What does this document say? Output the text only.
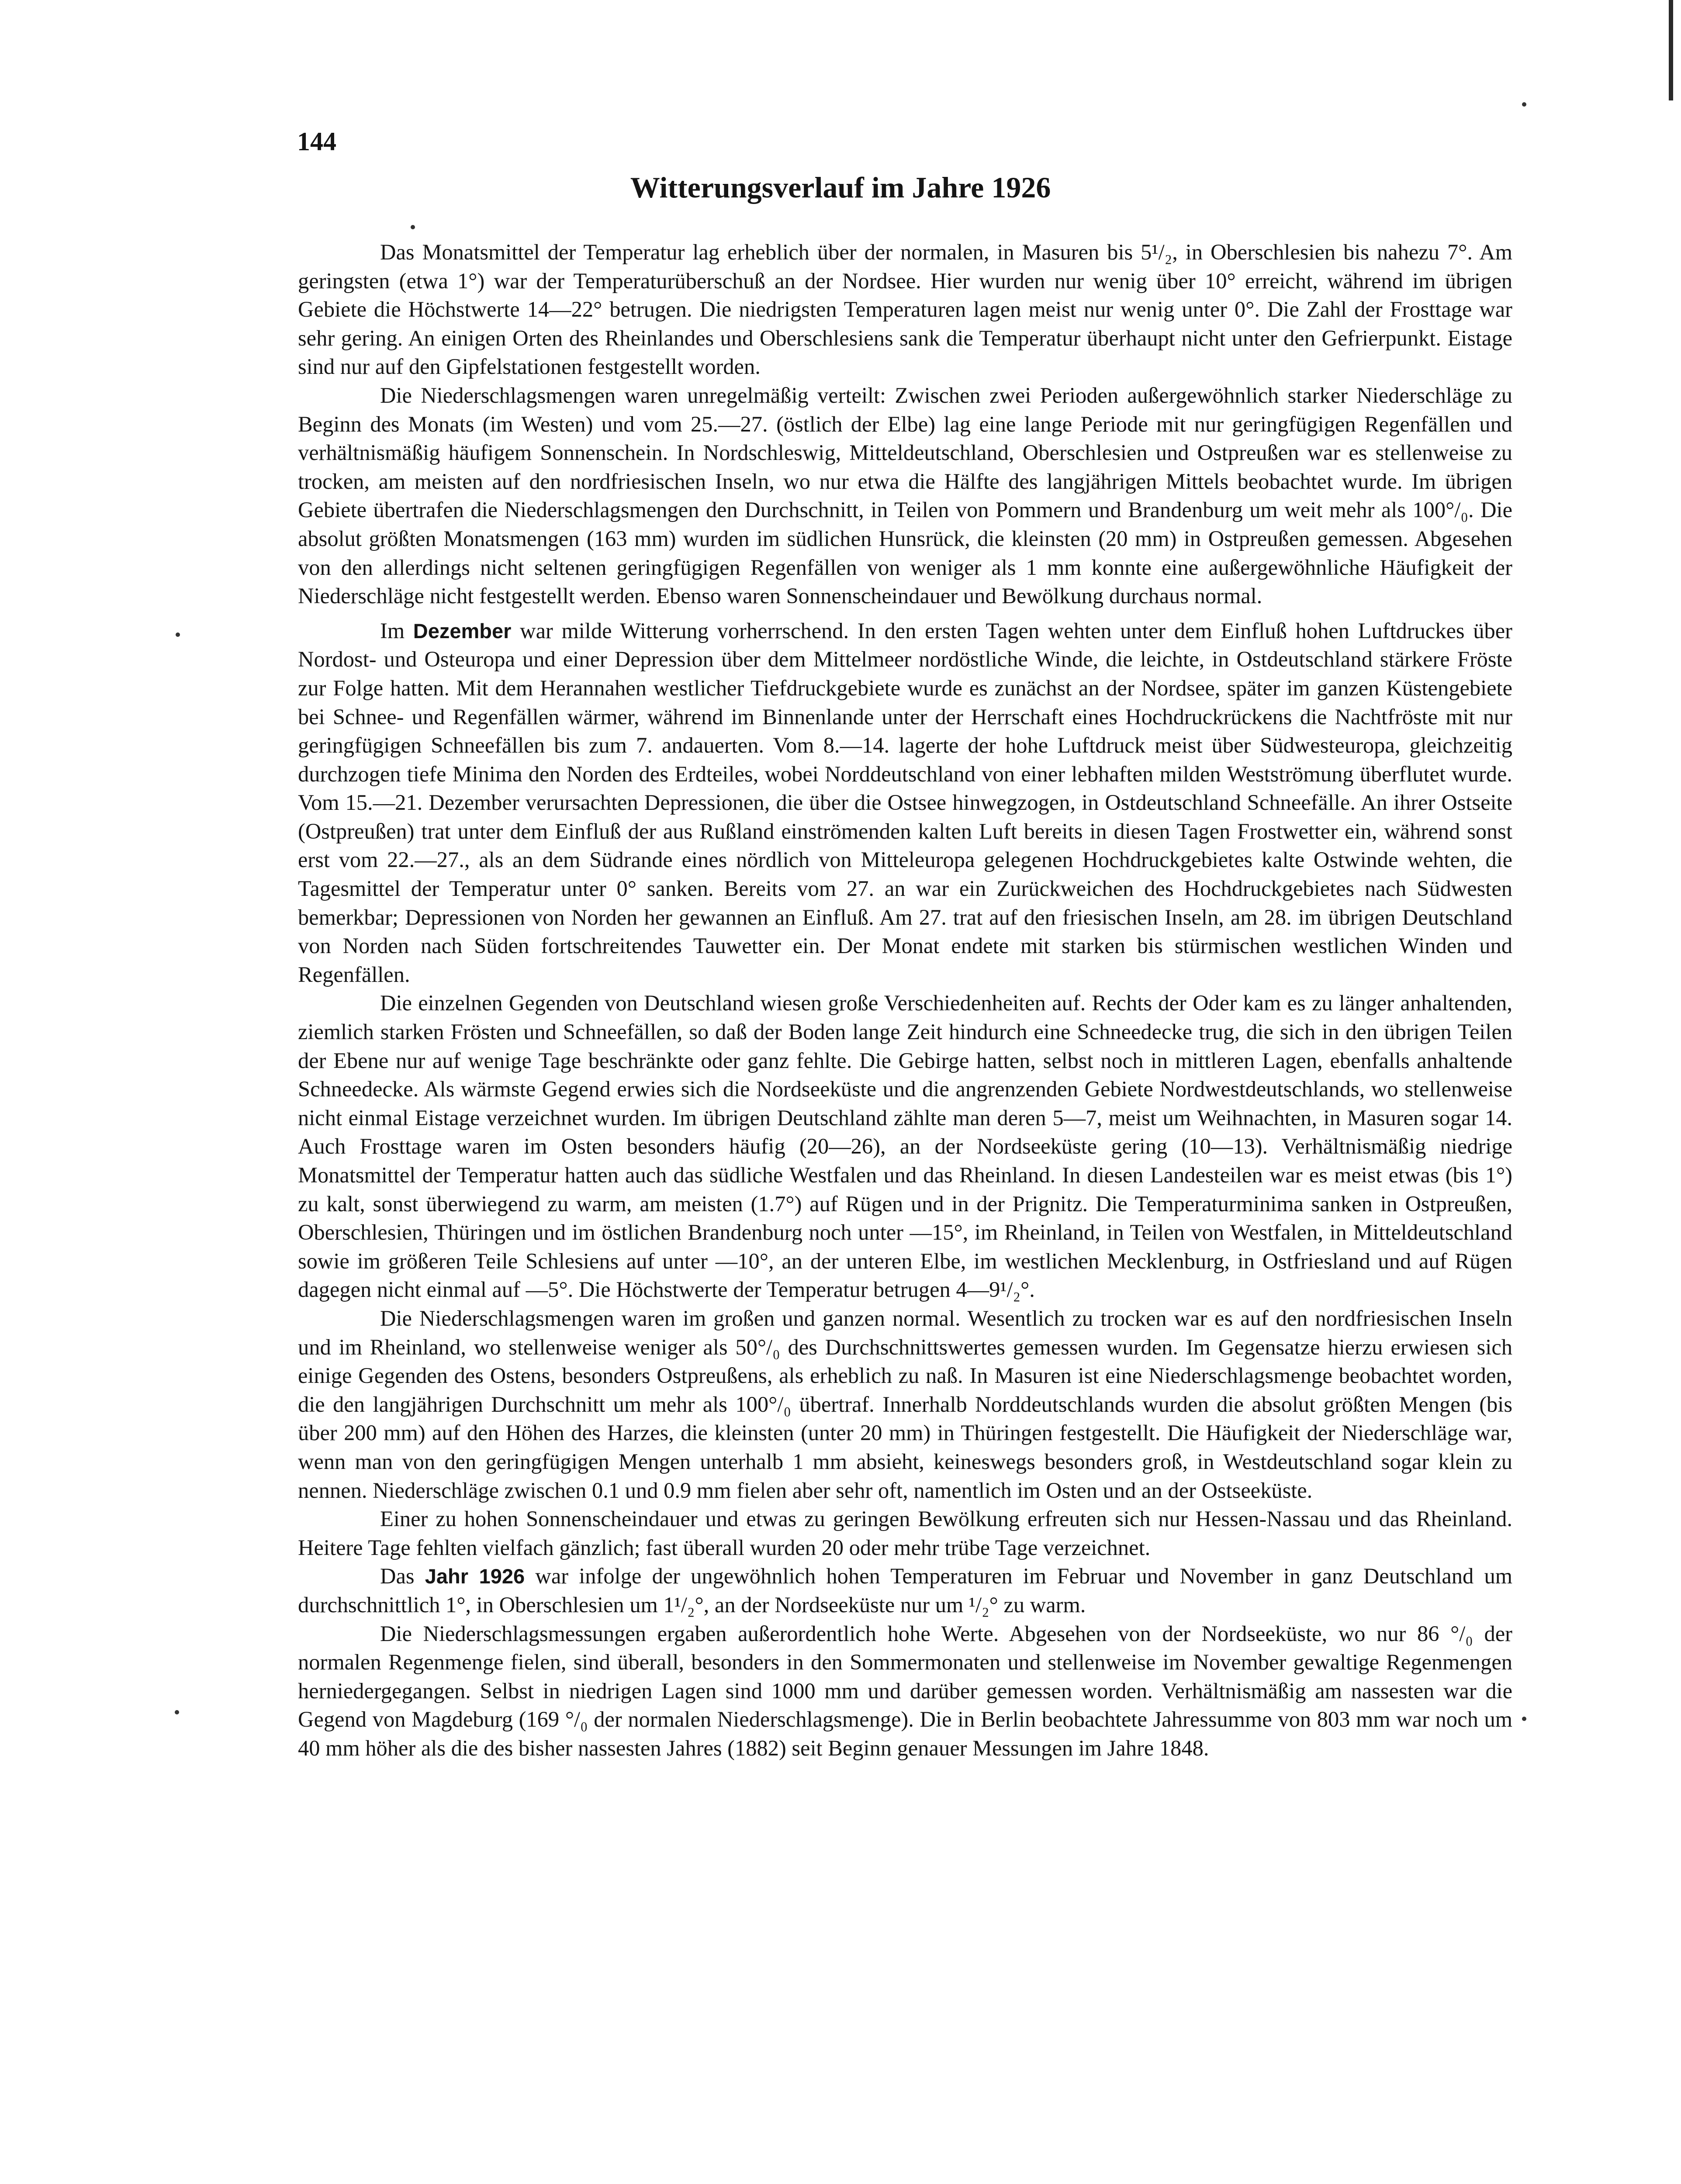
144
Witterungsverlauf im Jahre 1926

Das Monatsmittel der Temperatur lag erheblich über der normalen, in Masuren bis 5¹/₂, in Oberschlesien bis nahezu 7°. Am geringsten (etwa 1°) war der Temperaturüberschuß an der Nordsee. Hier wurden nur wenig über 10° erreicht, während im übrigen Gebiete die Höchstwerte 14—22° betrugen. Die niedrigsten Temperaturen lagen meist nur wenig unter 0°. Die Zahl der Frosttage war sehr gering. An einigen Orten des Rheinlandes und Oberschlesiens sank die Temperatur überhaupt nicht unter den Gefrierpunkt. Eistage sind nur auf den Gipfelstationen festgestellt worden.

Die Niederschlagsmengen waren unregelmäßig verteilt: Zwischen zwei Perioden außergewöhnlich starker Niederschläge zu Beginn des Monats (im Westen) und vom 25.—27. (östlich der Elbe) lag eine lange Periode mit nur geringfügigen Regenfällen und verhältnismäßig häufigem Sonnenschein. In Nordschleswig, Mitteldeutschland, Oberschlesien und Ostpreußen war es stellenweise zu trocken, am meisten auf den nordfriesischen Inseln, wo nur etwa die Hälfte des langjährigen Mittels beobachtet wurde. Im übrigen Gebiete übertrafen die Niederschlagsmengen den Durchschnitt, in Teilen von Pommern und Brandenburg um weit mehr als 100°/₀. Die absolut größten Monatsmengen (163 mm) wurden im südlichen Hunsrück, die kleinsten (20 mm) in Ostpreußen gemessen. Abgesehen von den allerdings nicht seltenen geringfügigen Regenfällen von weniger als 1 mm konnte eine außergewöhnliche Häufigkeit der Niederschläge nicht festgestellt werden. Ebenso waren Sonnenscheindauer und Bewölkung durchaus normal.

Im Dezember war milde Witterung vorherrschend. In den ersten Tagen wehten unter dem Einfluß hohen Luftdruckes über Nordost- und Osteuropa und einer Depression über dem Mittelmeer nordöstliche Winde, die leichte, in Ostdeutschland stärkere Fröste zur Folge hatten. Mit dem Herannahen westlicher Tiefdruckgebiete wurde es zunächst an der Nordsee, später im ganzen Küstengebiete bei Schnee- und Regenfällen wärmer, während im Binnenlande unter der Herrschaft eines Hochdruckrückens die Nachtfröste mit nur geringfügigen Schneefällen bis zum 7. andauerten. Vom 8.—14. lagerte der hohe Luftdruck meist über Südwesteuropa, gleichzeitig durchzogen tiefe Minima den Norden des Erdteiles, wobei Norddeutschland von einer lebhaften milden Westströmung überflutet wurde. Vom 15.—21. Dezember verursachten Depressionen, die über die Ostsee hinwegzogen, in Ostdeutschland Schneefälle. An ihrer Ostseite (Ostpreußen) trat unter dem Einfluß der aus Rußland einströmenden kalten Luft bereits in diesen Tagen Frostwetter ein, während sonst erst vom 22.—27., als an dem Südrande eines nördlich von Mitteleuropa gelegenen Hochdruckgebietes kalte Ostwinde wehten, die Tagesmittel der Temperatur unter 0° sanken. Bereits vom 27. an war ein Zurückweichen des Hochdruckgebietes nach Südwesten bemerkbar; Depressionen von Norden her gewannen an Einfluß. Am 27. trat auf den friesischen Inseln, am 28. im übrigen Deutschland von Norden nach Süden fortschreitendes Tauwetter ein. Der Monat endete mit starken bis stürmischen westlichen Winden und Regenfällen.

Die einzelnen Gegenden von Deutschland wiesen große Verschiedenheiten auf. Rechts der Oder kam es zu länger anhaltenden, ziemlich starken Frösten und Schneefällen, so daß der Boden lange Zeit hindurch eine Schneedecke trug, die sich in den übrigen Teilen der Ebene nur auf wenige Tage beschränkte oder ganz fehlte. Die Gebirge hatten, selbst noch in mittleren Lagen, ebenfalls anhaltende Schneedecke. Als wärmste Gegend erwies sich die Nordseeküste und die angrenzenden Gebiete Nordwestdeutschlands, wo stellenweise nicht einmal Eistage verzeichnet wurden. Im übrigen Deutschland zählte man deren 5—7, meist um Weihnachten, in Masuren sogar 14. Auch Frosttage waren im Osten besonders häufig (20—26), an der Nordseeküste gering (10—13). Verhältnismäßig niedrige Monatsmittel der Temperatur hatten auch das südliche Westfalen und das Rheinland. In diesen Landesteilen war es meist etwas (bis 1°) zu kalt, sonst überwiegend zu warm, am meisten (1.7°) auf Rügen und in der Prignitz. Die Temperaturminima sanken in Ostpreußen, Oberschlesien, Thüringen und im östlichen Brandenburg noch unter —15°, im Rheinland, in Teilen von Westfalen, in Mitteldeutschland sowie im größeren Teile Schlesiens auf unter —10°, an der unteren Elbe, im westlichen Mecklenburg, in Ostfriesland und auf Rügen dagegen nicht einmal auf —5°. Die Höchstwerte der Temperatur betrugen 4—9¹/₂°.

Die Niederschlagsmengen waren im großen und ganzen normal. Wesentlich zu trocken war es auf den nordfriesischen Inseln und im Rheinland, wo stellenweise weniger als 50°/₀ des Durchschnittswertes gemessen wurden. Im Gegensatze hierzu erwiesen sich einige Gegenden des Ostens, besonders Ostpreußens, als erheblich zu naß. In Masuren ist eine Niederschlagsmenge beobachtet worden, die den langjährigen Durchschnitt um mehr als 100°/₀ übertraf. Innerhalb Norddeutschlands wurden die absolut größten Mengen (bis über 200 mm) auf den Höhen des Harzes, die kleinsten (unter 20 mm) in Thüringen festgestellt. Die Häufigkeit der Niederschläge war, wenn man von den geringfügigen Mengen unterhalb 1 mm absieht, keineswegs besonders groß, in Westdeutschland sogar klein zu nennen. Niederschläge zwischen 0.1 und 0.9 mm fielen aber sehr oft, namentlich im Osten und an der Ostseeküste.

Einer zu hohen Sonnenscheindauer und etwas zu geringen Bewölkung erfreuten sich nur Hessen-Nassau und das Rheinland. Heitere Tage fehlten vielfach gänzlich; fast überall wurden 20 oder mehr trübe Tage verzeichnet.

Das Jahr 1926 war infolge der ungewöhnlich hohen Temperaturen im Februar und November in ganz Deutschland um durchschnittlich 1°, in Oberschlesien um 1¹/₂°, an der Nordseeküste nur um ¹/₂° zu warm.

Die Niederschlagsmessungen ergaben außerordentlich hohe Werte. Abgesehen von der Nordseeküste, wo nur 86 °/₀ der normalen Regenmenge fielen, sind überall, besonders in den Sommermonaten und stellenweise im November gewaltige Regenmengen herniedergegangen. Selbst in niedrigen Lagen sind 1000 mm und darüber gemessen worden. Verhältnismäßig am nassesten war die Gegend von Magdeburg (169 °/₀ der normalen Niederschlagsmenge). Die in Berlin beobachtete Jahressumme von 803 mm war noch um 40 mm höher als die des bisher nassesten Jahres (1882) seit Beginn genauer Messungen im Jahre 1848.
